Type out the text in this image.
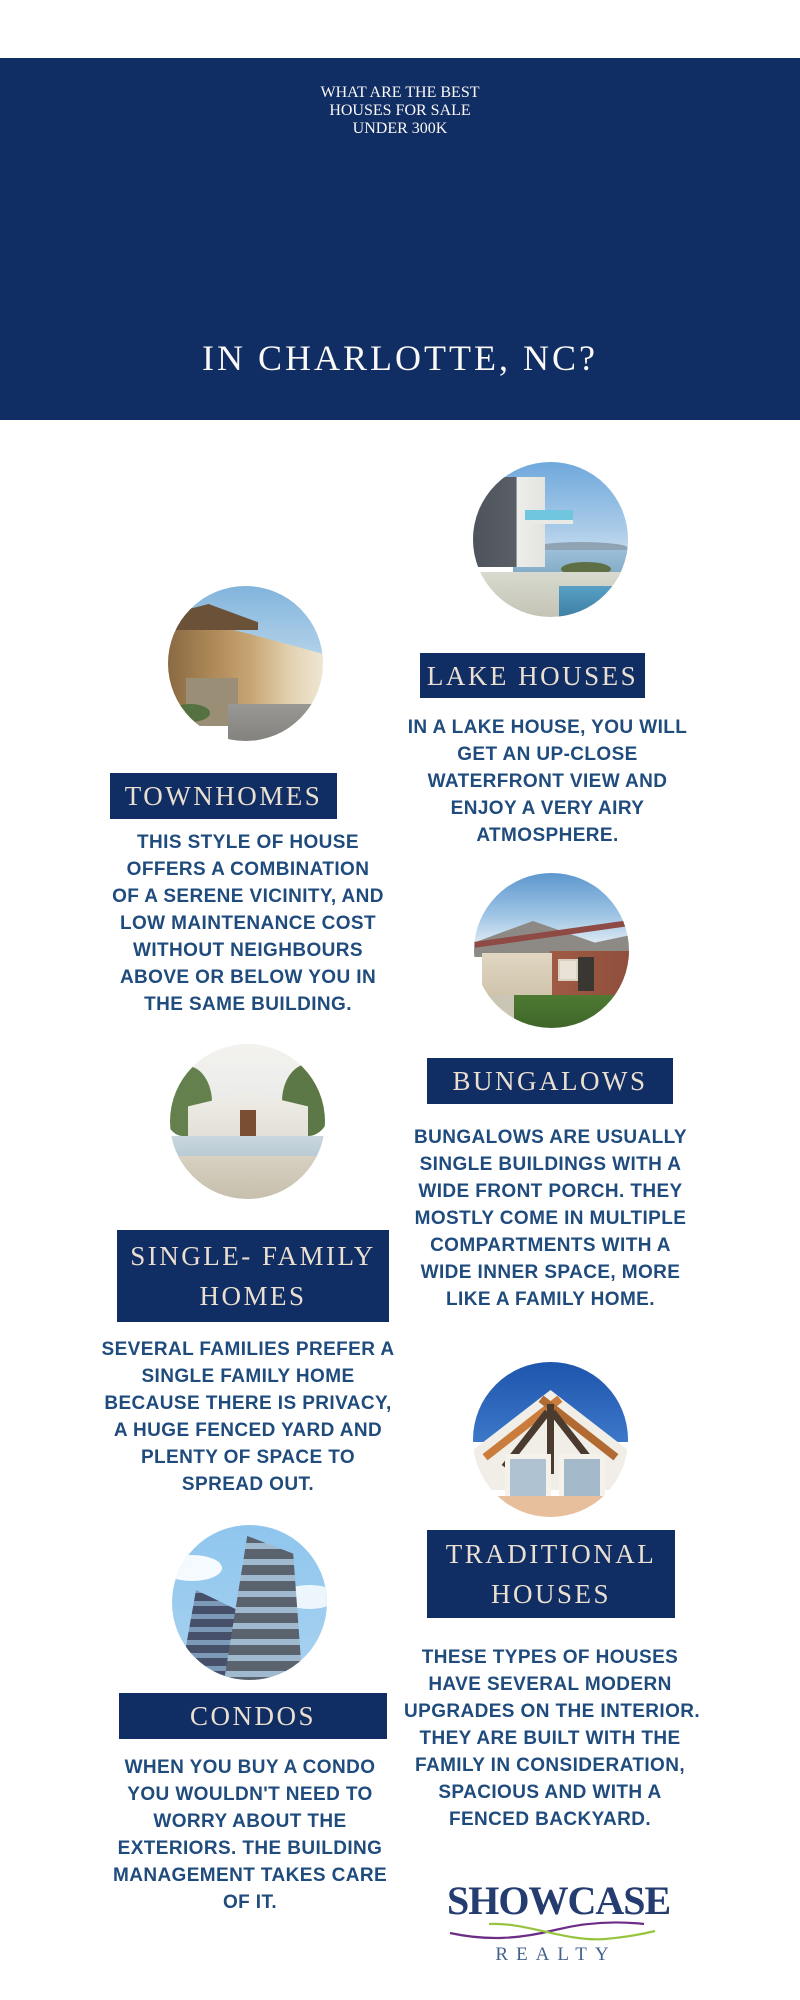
WHAT ARE THE BEST
HOUSES FOR SALE
UNDER 300K
IN CHARLOTTE, NC?
LAKE HOUSES
IN A LAKE HOUSE, YOU WILL
GET AN UP-CLOSE
WATERFRONT VIEW AND
ENJOY A VERY AIRY
ATMOSPHERE.
TOWNHOMES
THIS STYLE OF HOUSE
OFFERS A COMBINATION
OF A SERENE VICINITY, AND
LOW MAINTENANCE COST
WITHOUT NEIGHBOURS
ABOVE OR BELOW YOU IN
THE SAME BUILDING.
BUNGALOWS
BUNGALOWS ARE USUALLY
SINGLE BUILDINGS WITH A
WIDE FRONT PORCH. THEY
MOSTLY COME IN MULTIPLE
COMPARTMENTS WITH A
WIDE INNER SPACE, MORE
LIKE A FAMILY HOME.
SINGLE- FAMILY
HOMES
SEVERAL FAMILIES PREFER A
SINGLE FAMILY HOME
BECAUSE THERE IS PRIVACY,
A HUGE FENCED YARD AND
PLENTY OF SPACE TO
SPREAD OUT.
TRADITIONAL
HOUSES
THESE TYPES OF HOUSES
HAVE SEVERAL MODERN
UPGRADES ON THE INTERIOR.
THEY ARE BUILT WITH THE
FAMILY IN CONSIDERATION,
SPACIOUS AND WITH A
FENCED BACKYARD.
CONDOS
WHEN YOU BUY A CONDO
YOU WOULDN'T NEED TO
WORRY ABOUT THE
EXTERIORS. THE BUILDING
MANAGEMENT TAKES CARE
OF IT.	SHOWCASE
REALTY
